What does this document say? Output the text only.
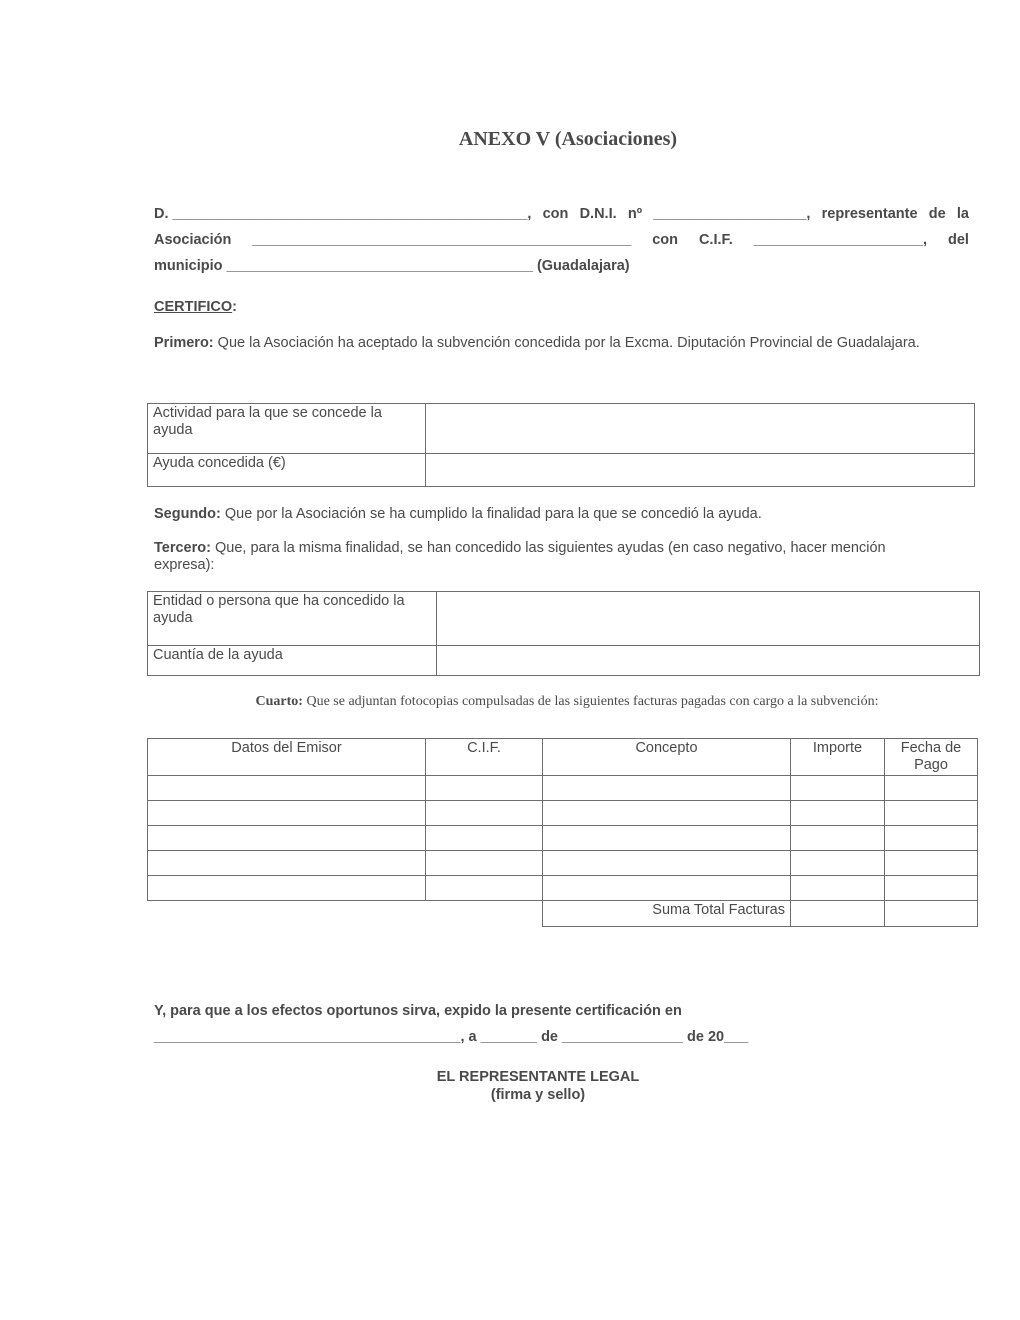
ANEXO V (Asociaciones)
D. ____________________________________________, con D.N.I. nº ___________________, representante de la
Asociación _______________________________________________ con C.I.F. _____________________, del
municipio ______________________________________ (Guadalajara)
CERTIFICO:
Primero: Que la Asociación ha aceptado la subvención concedida por la Excma. Diputación Provincial de Guadalajara.
Actividad para la que se concede la ayuda	
Ayuda concedida (€)	
Segundo: Que por la Asociación se ha cumplido la finalidad para la que se concedió la ayuda.
Tercero: Que, para la misma finalidad, se han concedido las siguientes ayudas (en caso negativo, hacer mención expresa):
Entidad o persona que ha concedido la ayuda	
Cuantía de la ayuda	
Cuarto: Que se adjuntan fotocopias compulsadas de las siguientes facturas pagadas con cargo a la subvención:
Datos del Emisor	C.I.F.	Concepto	Importe	Fecha de Pago

		Suma Total Facturas		
Y, para que a los efectos oportunos sirva, expido la presente certificación en
______________________________________, a _______ de _______________ de 20___
EL REPRESENTANTE LEGAL
(firma y sello)
